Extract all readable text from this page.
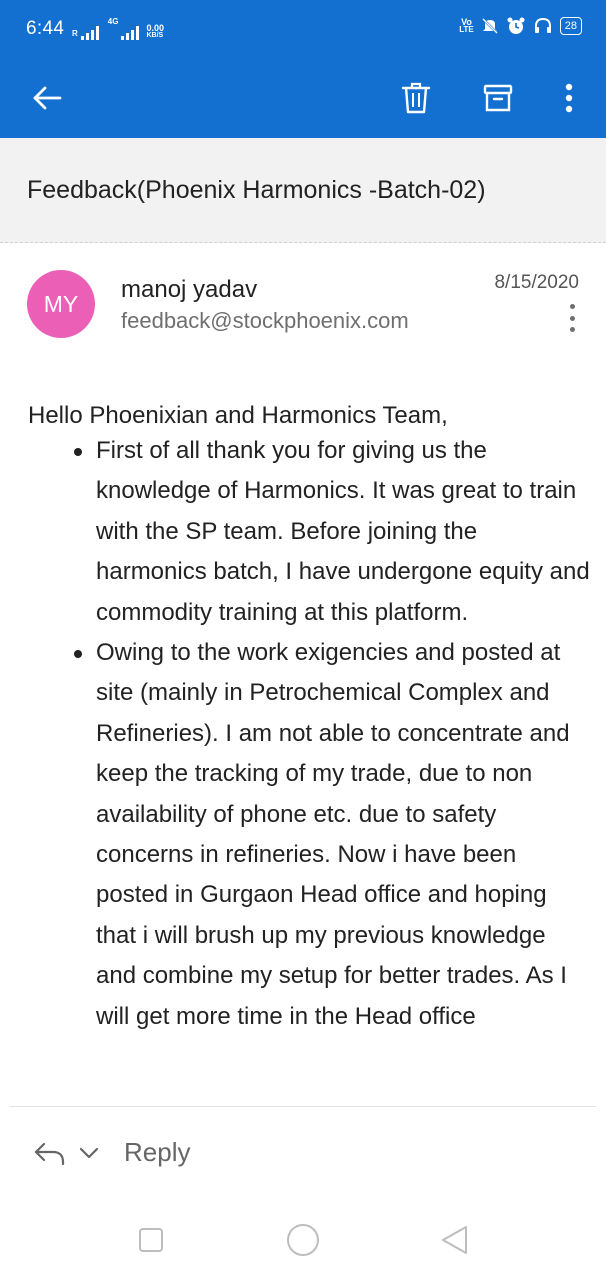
6:44 R
4G
0.00
KB/S
Vo
LTE	28
Feedback(Phoenix Harmonics -Batch-02)
MY
manoj yadav
feedback@stockphoenix.com
8/15/2020
Hello Phoenixian and Harmonics Team,
First of all thank you for giving us the knowledge of Harmonics. It was great to train with the SP team. Before joining the harmonics batch, I have undergone equity and commodity training at this platform.
Owing to the work exigencies and posted at site (mainly in Petrochemical Complex and Refineries). I am not able to concentrate and keep the tracking of my trade, due to non availability of phone etc. due to safety concerns in refineries. Now i have been posted in Gurgaon Head office and hoping that i will brush up my previous knowledge and combine my setup for better trades. As I will get more time in the Head office
Reply
